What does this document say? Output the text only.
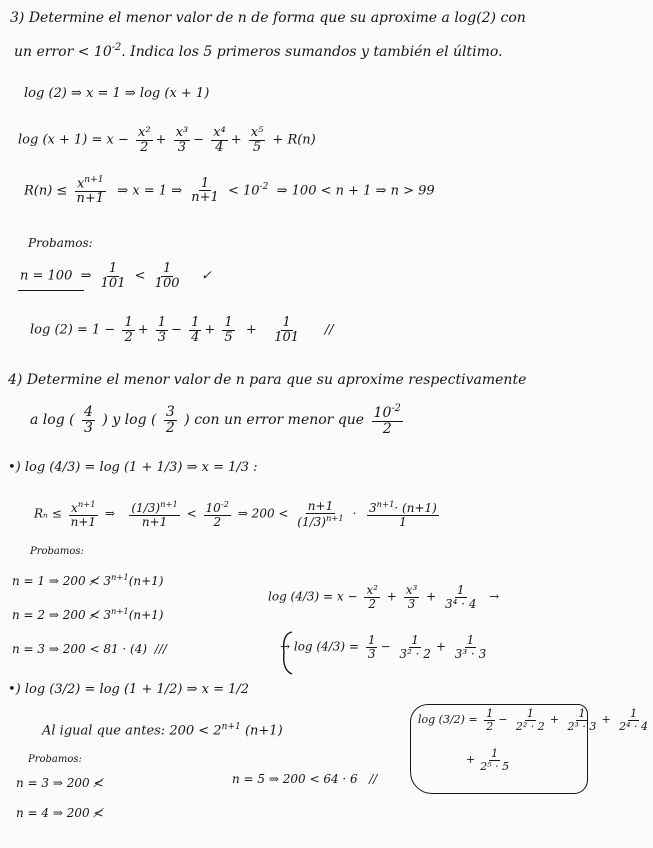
3) Determine el menor valor de n de forma que su aproxime a log(2) con
un error < $10^{-2}$. Indica los 5 primeros sumandos y también el último.
log (2) ⇒ x = 1 ⇒ log (x + 1)
$\log (x + 1) = x - \frac{\text{x²}}{2} + \frac{\text{x³}}{3} - \frac{\text{x⁴}}{4} + \frac{\text{x⁵}}{5} + R(n)$
$R(n) \le \frac{x^{n+1}}{n+1}$ ⇒ x = 1 ⇒ $\frac{1}{n+1} < 10^{-2}$ ⇒ 100 < n + 1 ⇒ n > 99
Probamos:
n = 100 ⇒ $\frac{1}{101} < \frac{1}{100}$ ✓
$\log (2) = 1 - \frac{1}{2} + \frac{1}{3} - \frac{1}{4} + \frac{1}{5} + \frac{1}{101}$ //
4) Determine el menor valor de n para que su aproxime respectivamente
a log ( $\frac{4}{3}$ ) y log ( $\frac{3}{2}$ ) con un error menor que $\frac{10^{-2}}{2}$
•) log (4/3) = log (1 + 1/3) ⇒ x = 1/3 :
$R_n \le \frac{x^{n+1}}{n+1}$ ⇒ $\frac{(1/3)^{n+1}}{n+1} < \frac{10^{-2}}{2}$ ⇒ $200 < \frac{n+1}{(1/3)^{n+1}} \cdot \frac{3^{n+1}\cdot (n+1)}{1}$
Probamos:
n = 1 ⇒ 200 ≮ $3^{n+1}(n+1)$
n = 2 ⇒ 200 ≮ $3^{n+1}(n+1)$
n = 3 ⇒ 200 < 81 · (4) ///
$\log (4/3) = x - \frac{\text{x²}}{2} + \frac{\text{x³}}{3} + \frac{1}{\text{3⁴ · 4}}$ →
→ $\log (4/3) = \frac{1}{3} - \frac{1}{\text{3² · 2}} + \frac{1}{\text{3³ · 3}}$
•) log (3/2) = log (1 + 1/2) ⇒ x = 1/2
Al igual que antes: $200 < 2^{n+1}$ (n+1)
Probamos:
n = 3 ⇒ 200 ≮
n = 4 ⇒ 200 ≮
n = 5 ⇒ 200 < 64 · 6 //
$\log (3/2) = \frac{1}{2} - \frac{1}{\text{2² · 2}} + \frac{1}{\text{2³ · 3}} + \frac{1}{\text{2⁴ · 4}}$
+ $\frac{1}{\text{2⁵ · 5}}$
